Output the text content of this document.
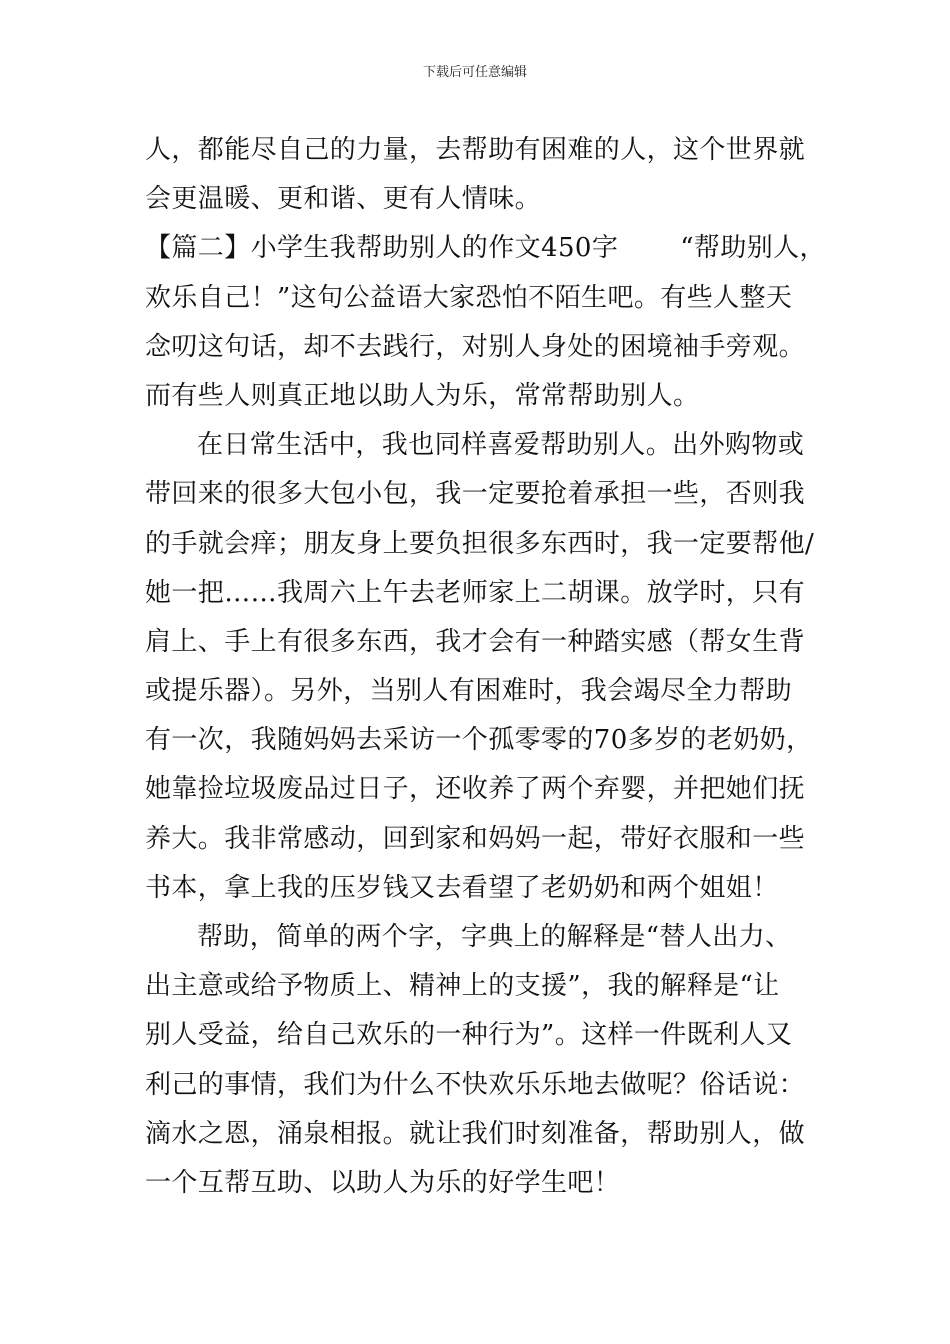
下载后可任意编辑
人，都能尽自己的力量，去帮助有困难的人，这个世界就
会更温暖、更和谐、更有人情味。
【篇二】小学生我帮助别人的作文450字 “帮助别人，
欢乐自己！”这句公益语大家恐怕不陌生吧。有些人整天
念叨这句话，却不去践行，对别人身处的困境袖手旁观。
而有些人则真正地以助人为乐，常常帮助别人。
在日常生活中，我也同样喜爱帮助别人。出外购物或
带回来的很多大包小包，我一定要抢着承担一些，否则我
的手就会痒；朋友身上要负担很多东西时，我一定要帮他/
她一把……我周六上午去老师家上二胡课。放学时，只有
肩上、手上有很多东西，我才会有一种踏实感（帮女生背
或提乐器）。另外，当别人有困难时，我会竭尽全力帮助
有一次，我随妈妈去采访一个孤零零的70多岁的老奶奶，
她靠捡垃圾废品过日子，还收养了两个弃婴，并把她们抚
养大。我非常感动，回到家和妈妈一起，带好衣服和一些
书本，拿上我的压岁钱又去看望了老奶奶和两个姐姐！
帮助，简单的两个字，字典上的解释是“替人出力、
出主意或给予物质上、精神上的支援”，我的解释是“让
别人受益，给自己欢乐的一种行为”。这样一件既利人又
利己的事情，我们为什么不快欢乐乐地去做呢？俗话说：
滴水之恩，涌泉相报。就让我们时刻准备，帮助别人，做
一个互帮互助、以助人为乐的好学生吧！
